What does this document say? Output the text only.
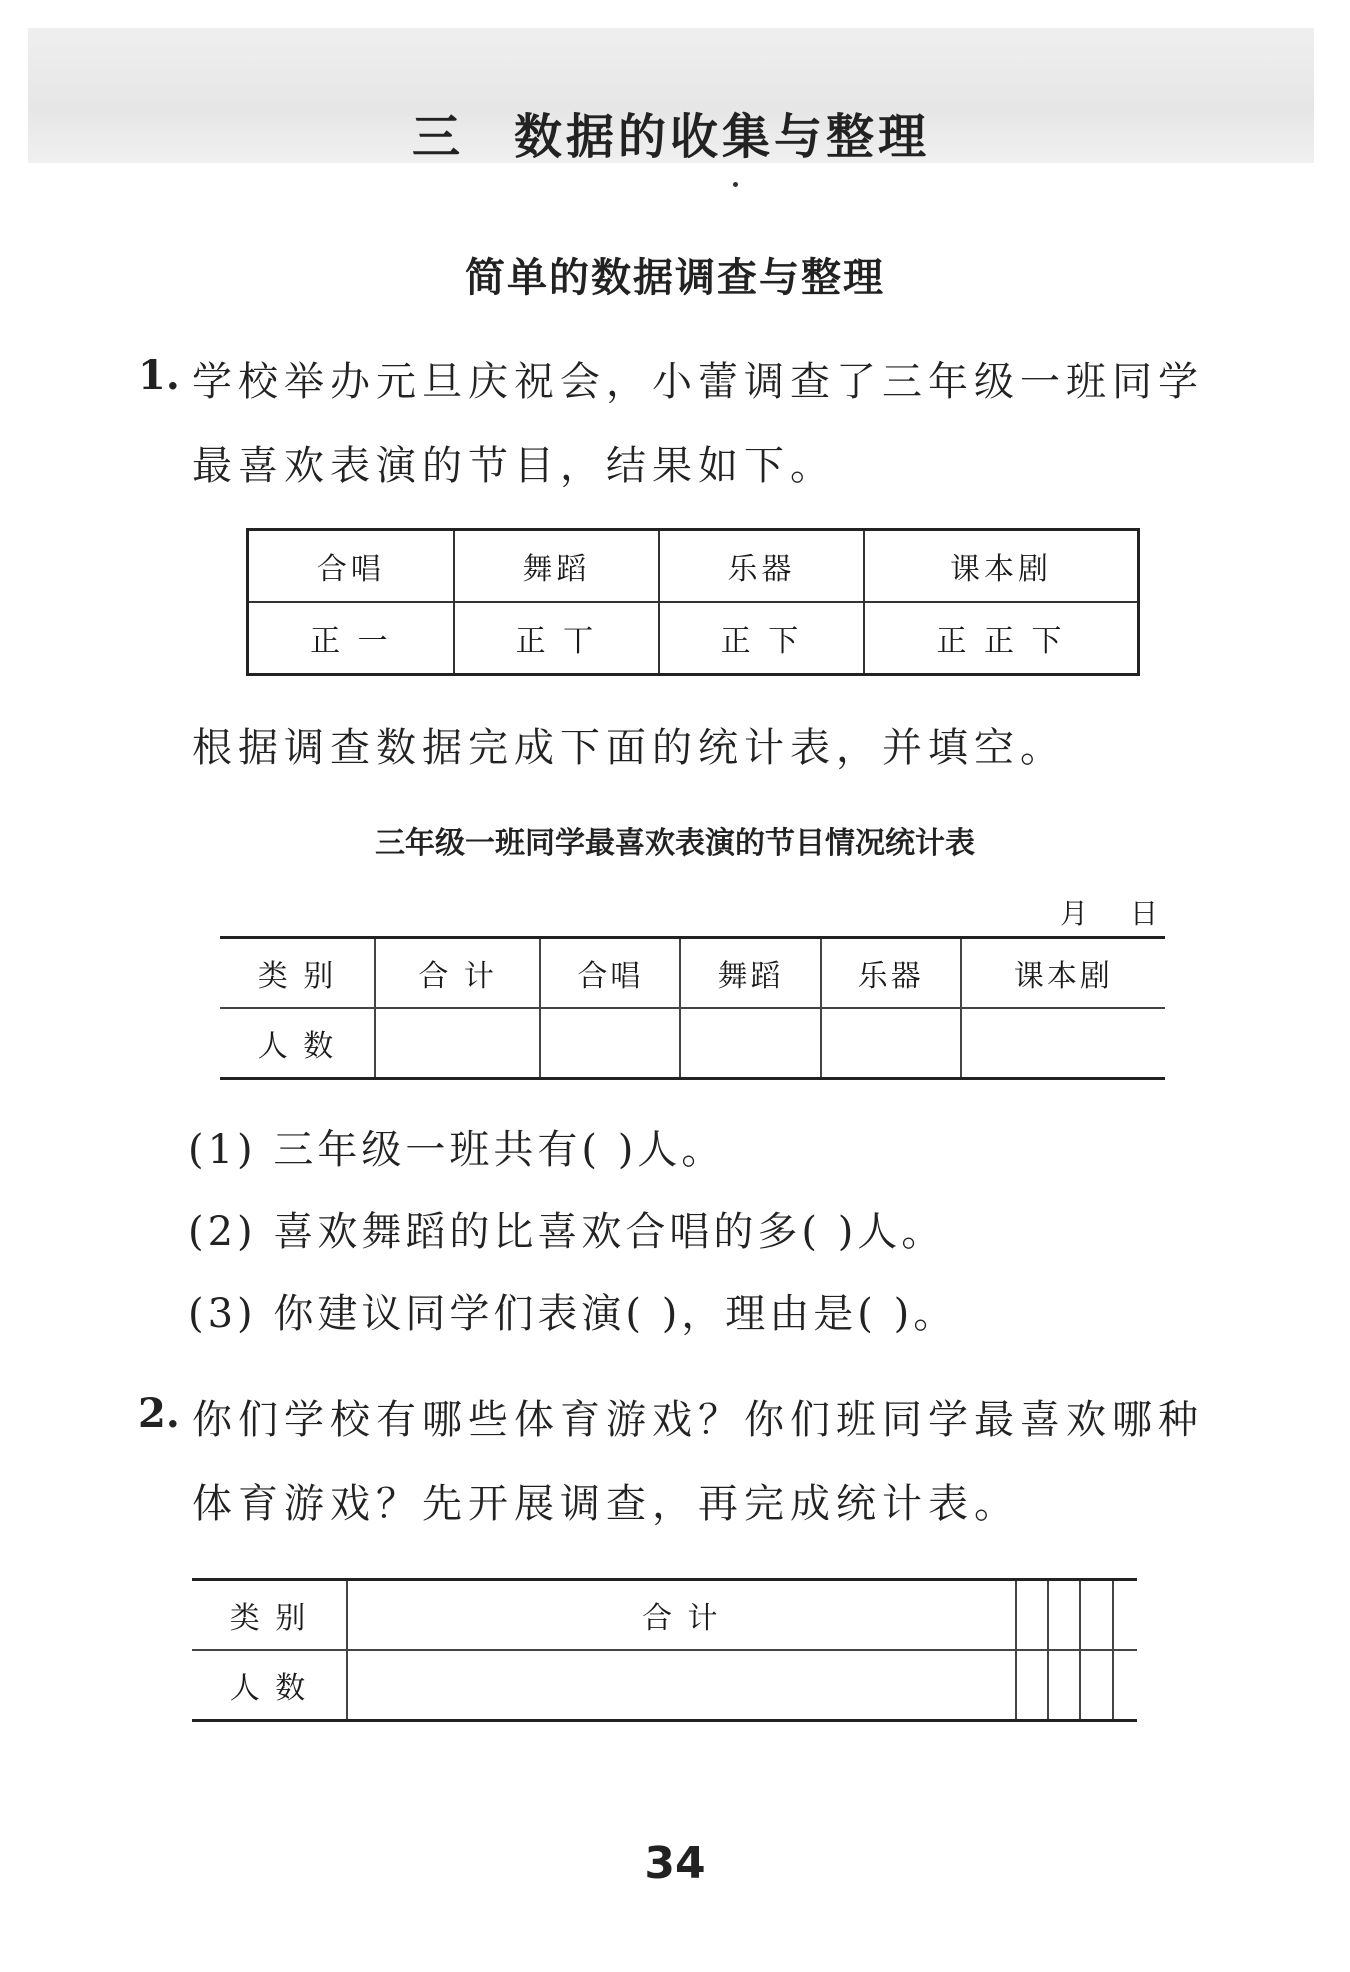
三 数据的收集与整理
简单的数据调查与整理
1. 学校举办元旦庆祝会，小蕾调查了三年级一班同学
最喜欢表演的节目，结果如下。
合唱	舞蹈	乐器	课本剧
正 一	正 丅	正 下	正 正 下
根据调查数据完成下面的统计表，并填空。
三年级一班同学最喜欢表演的节目情况统计表
月 日
类 别	合 计	合唱	舞蹈	乐器	课本剧
人 数					
(1) 三年级一班共有( )人。
(2) 喜欢舞蹈的比喜欢合唱的多( )人。
(3) 你建议同学们表演( )，理由是( )。
2. 你们学校有哪些体育游戏？你们班同学最喜欢哪种
体育游戏？先开展调查，再完成统计表。
类 别	合 计				
人 数					
34
